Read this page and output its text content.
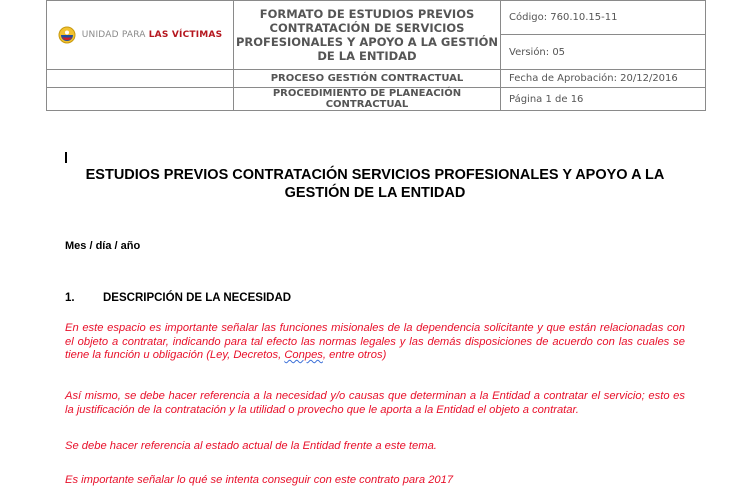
UNIDAD PARA LAS VÍCTIMAS	FORMATO DE ESTUDIOS PREVIOS CONTRATACIÓN DE SERVICIOS PROFESIONALES Y APOYO A LA GESTIÓN DE LA ENTIDAD	Código: 760.10.15-11
		Versión: 05
	PROCESO GESTIÓN CONTRACTUAL	Fecha de Aprobación: 20/12/2016
	PROCEDIMIENTO DE PLANEACIÓN CONTRACTUAL	Página 1 de 16
ESTUDIOS PREVIOS CONTRATACIÓN SERVICIOS PROFESIONALES Y APOYO A LA GESTIÓN DE LA ENTIDAD
Mes / día / año
1. DESCRIPCIÓN DE LA NECESIDAD
En este espacio es importante señalar las funciones misionales de la dependencia solicitante y que están relacionadas con el objeto a contratar, indicando para tal efecto las normas legales y las demás disposiciones de acuerdo con las cuales se tiene la función u obligación (Ley, Decretos, Conpes, entre otros)
Así mismo, se debe hacer referencia a la necesidad y/o causas que determinan a la Entidad a contratar el servicio; esto es la justificación de la contratación y la utilidad o provecho que le aporta a la Entidad el objeto a contratar.
Se debe hacer referencia al estado actual de la Entidad frente a este tema.
Es importante señalar lo qué se intenta conseguir con este contrato para 2017
